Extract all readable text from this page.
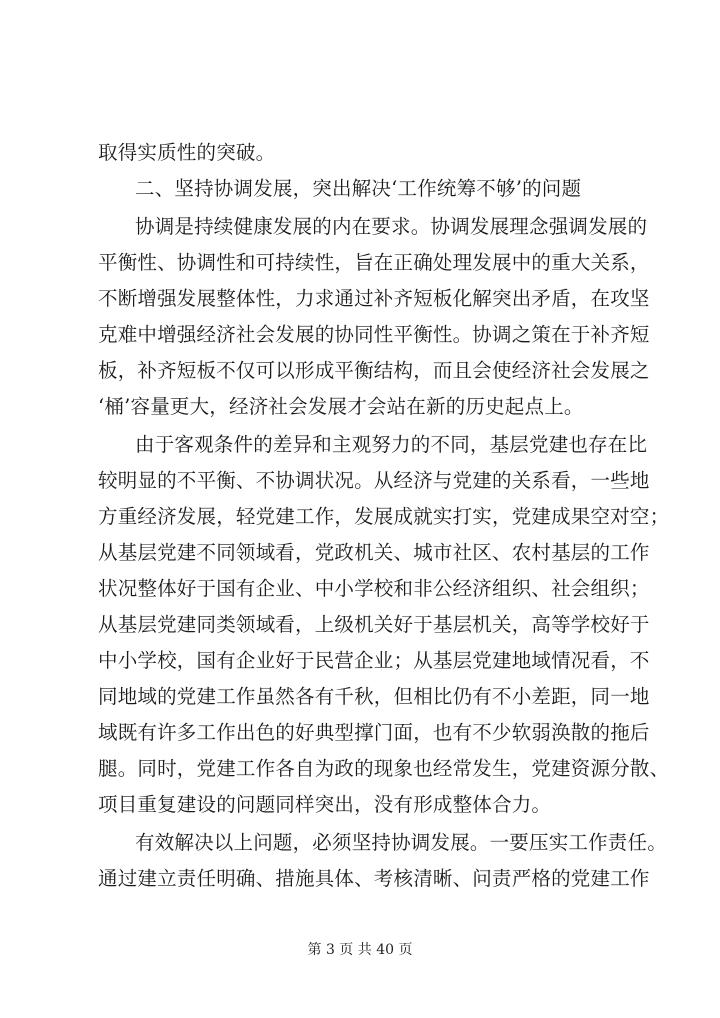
取得实质性的突破。
二、坚持协调发展，突出解决‘工作统筹不够’的问题
协调是持续健康发展的内在要求。协调发展理念强调发展的
平衡性、协调性和可持续性，旨在正确处理发展中的重大关系，
不断增强发展整体性，力求通过补齐短板化解突出矛盾，在攻坚
克难中增强经济社会发展的协同性平衡性。协调之策在于补齐短
板，补齐短板不仅可以形成平衡结构，而且会使经济社会发展之
‘桶’容量更大，经济社会发展才会站在新的历史起点上。
由于客观条件的差异和主观努力的不同，基层党建也存在比
较明显的不平衡、不协调状况。从经济与党建的关系看，一些地
方重经济发展，轻党建工作，发展成就实打实，党建成果空对空；
从基层党建不同领域看，党政机关、城市社区、农村基层的工作
状况整体好于国有企业、中小学校和非公经济组织、社会组织；
从基层党建同类领域看，上级机关好于基层机关，高等学校好于
中小学校，国有企业好于民营企业；从基层党建地域情况看，不
同地域的党建工作虽然各有千秋，但相比仍有不小差距，同一地
域既有许多工作出色的好典型撑门面，也有不少软弱涣散的拖后
腿。同时，党建工作各自为政的现象也经常发生，党建资源分散、
项目重复建设的问题同样突出，没有形成整体合力。
有效解决以上问题，必须坚持协调发展。一要压实工作责任。
通过建立责任明确、措施具体、考核清晰、问责严格的党建工作
第 3 页 共 40 页
